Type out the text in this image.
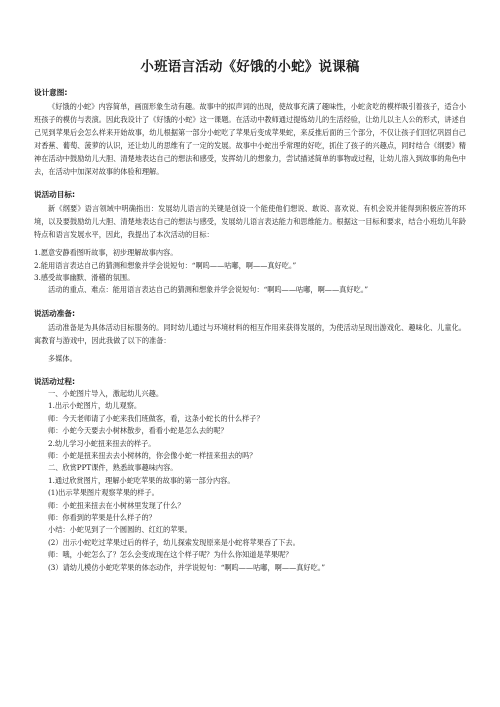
小班语言活动《好饿的小蛇》说课稿
设计意图:
《好饿的小蛇》内容简单，画面形象生动有趣。故事中的拟声词的出现，使故事充满了趣味性，小蛇贪吃的模样吸引着孩子，适合小班孩子的模仿与表演。因此我设计了《好饿的小蛇》这一课题。在活动中教师通过提炼幼儿的生活经验，让幼儿以主人公的形式，讲述自己见到苹果后会怎么样来开始故事，幼儿根据第一部分小蛇吃了苹果后变成苹果蛇，来反推后面的三个部分，不仅让孩子们回忆巩固自己对香蕉、葡萄、菠萝的认识，还让幼儿的思维有了一定的发展。故事中小蛇出乎常理的好吃，抓住了孩子的兴趣点，同时结合《纲要》精神在活动中鼓励幼儿大胆、清楚地表达自己的想法和感受，发挥幼儿的想象力，尝试描述简单的事物或过程，让幼儿溶入到故事的角色中去，在活动中加深对故事的体验和理解。
说活动目标:
新《纲要》语言领域中明确指出：发展幼儿语言的关键是创设一个能使他们想说、敢说、喜欢说、有机会说并能得到积极应答的环境，以及要鼓励幼儿大胆、清楚地表达自己的想法与感受，发展幼儿语言表达能力和思维能力。根据这一目标和要求，结合小班幼儿年龄特点和语言发展水平，因此，我提出了本次活动的目标：
1.愿意安静看图听故事，初步理解故事内容。
2.能用语言表达自己的猜测和想象并学会说短句：“啊呜——咕嘟，啊——真好吃。”
3.感受故事幽默、滑稽的氛围。
活动的重点、难点：能用语言表达自己的猜测和想象并学会说短句：“啊呜——咕嘟，啊——真好吃。”
说活动准备:
活动准备是为具体活动目标服务的。同时幼儿通过与环境材料的相互作用来获得发展的，为使活动呈现出游戏化、趣味化、儿童化。寓教育与游戏中，因此我做了以下的准备：
多媒体。
说活动过程:
一、小蛇图片导入，激起幼儿兴趣。
1.出示小蛇图片，幼儿观察。
师：今天老师请了小蛇来我们班做客，看，这条小蛇长的什么样子？
师：小蛇今天要去小树林散步，看看小蛇是怎么去的呢？
2.幼儿学习小蛇扭来扭去的样子。
师：小蛇是扭来扭去去小树林的，你会像小蛇一样扭来扭去的吗？
二、欣赏PPT课件，熟悉故事趣味内容。
1.通过欣赏图片，理解小蛇吃苹果的故事的第一部分内容。
(1)出示苹果图片观察苹果的样子。
师：小蛇扭来扭去在小树林里发现了什么？
师：你看到的苹果是什么样子的？
小结：小蛇见到了一个圆圆的、红红的苹果。
(2）出示小蛇吃过苹果过后的样子，幼儿探索发现原来是小蛇将苹果吞了下去。
师：哦，小蛇怎么了？怎么会变成现在这个样子呢？为什么你知道是苹果呢？
(3）请幼儿模仿小蛇吃苹果的体态动作，并学说短句：“啊呜——咕嘟，啊——真好吃。”
